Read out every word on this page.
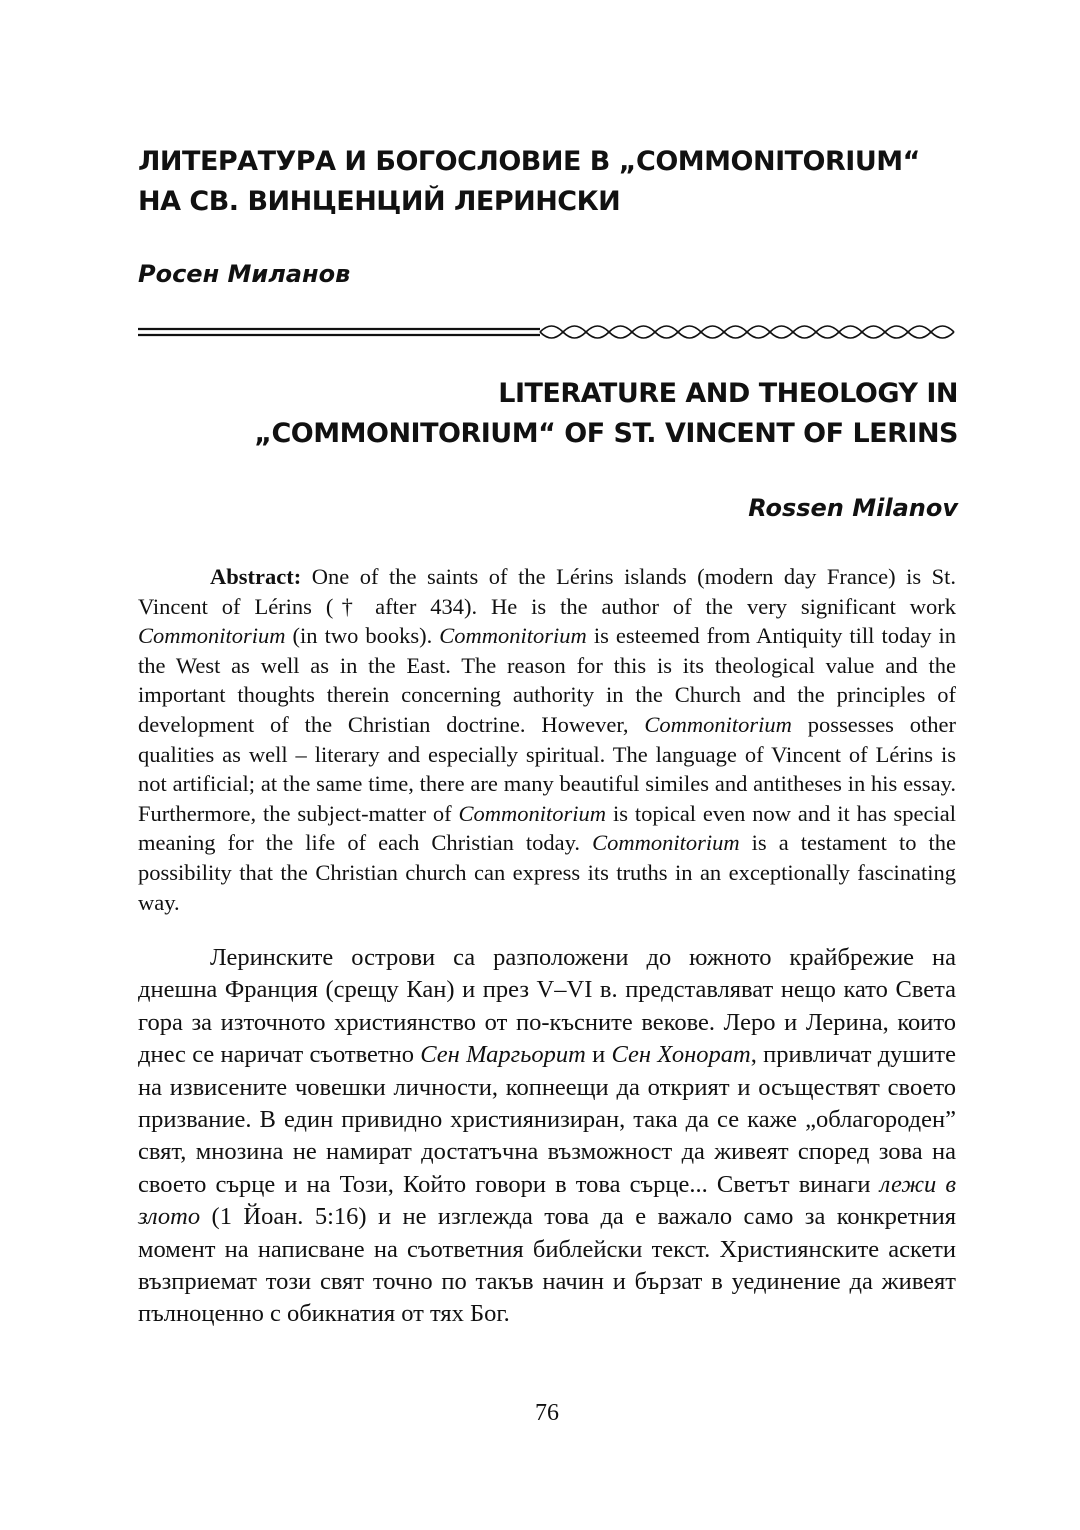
ЛИТЕРАТУРА И БОГОСЛОВИЕ В „COMMONITORIUM“
НА СВ. ВИНЦЕНЦИЙ ЛЕРИНСКИ
Росен Миланов
LITERATURE AND THEOLOGY IN
„COMMONITORIUM“ OF ST. VINCENT OF LERINS
Rossen Milanov

Abstract: One of the saints of the Lérins islands (modern day France) is St. Vincent of Lérins († after 434). He is the author of the very significant work Commonitorium (in two books). Commonitorium is esteemed from Antiquity till today in the West as well as in the East. The reason for this is its theological value and the important thoughts therein concerning authority in the Church and the principles of development of the Christian doctrine. However, Commonitorium possesses other qualities as well – literary and especially spiritual. The language of Vincent of Lérins is not artificial; at the same time, there are many beautiful similes and antitheses in his essay. Furthermore, the subject-matter of Commonitorium is topical even now and it has special meaning for the life of each Christian today. Commonitorium is a testament to the possibility that the Christian church can express its truths in an exceptionally fascinating way.

Леринските острови са разположени до южното крайбрежие на днешна Франция (срещу Кан) и през V–VI в. представляват нещо като Света гора за източното християнство от по-късните векове. Леро и Лерина, които днес се наричат съответно Сен Маргьорит и Сен Хонорат, привличат душите на извисените човешки личности, копнеещи да открият и осъществят своето призвание. В един привидно християнизиран, така да се каже „облагороден” свят, мнозина не намират достатъчна възможност да живеят според зова на своето сърце и на Този, Който говори в това сърце... Светът винаги лежи в злото (1 Йоан. 5:16) и не изглежда това да е важало само за конкретния момент на написване на съответния библейски текст. Християнските аскети възприемат този свят точно по такъв начин и бързат в уединение да живеят пълноценно с обикнатия от тях Бог.

76
